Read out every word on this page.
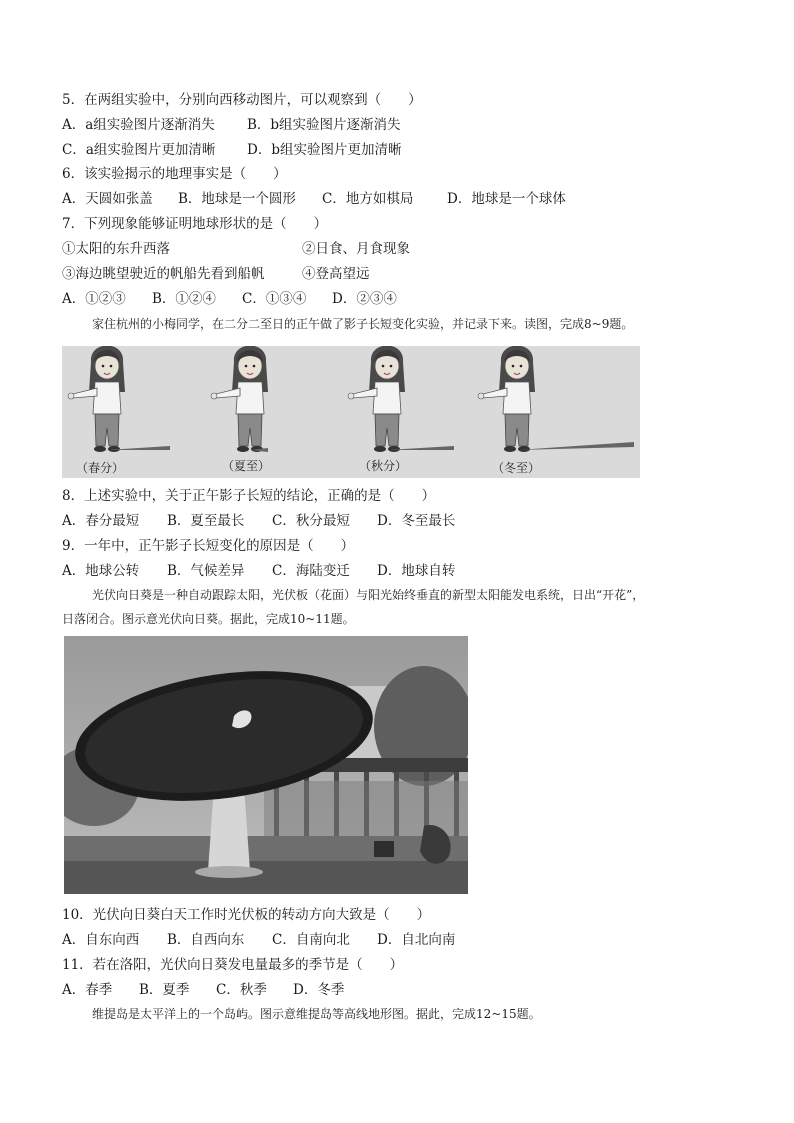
5．在两组实验中，分别向西移动图片，可以观察到（　　）
A．a组实验图片逐渐消失 B．b组实验图片逐渐消失
C．a组实验图片更加清晰 D．b组实验图片更加清晰
6．该实验揭示的地理事实是（　　）
A．天圆如张盖 B．地球是一个圆形 C．地方如棋局 D．地球是一个球体
7．下列现象能够证明地球形状的是（　　）
①太阳的东升西落	②日食、月食现象
③海边眺望驶近的帆船先看到船帆	④登高望远
A．①②③ B．①②④ C．①③④ D．②③④
家住杭州的小梅同学，在二分二至日的正午做了影子长短变化实验，并记录下来。读图，完成8~9题。
（春分）	（夏至）	（秋分）	（冬至）
8．上述实验中，关于正午影子长短的结论，正确的是（　　）
A．春分最短 B．夏至最长 C．秋分最短 D．冬至最长
9．一年中，正午影子长短变化的原因是（　　）
A．地球公转 B．气候差异 C．海陆变迁 D．地球自转
光伏向日葵是一种自动跟踪太阳，光伏板（花面）与阳光始终垂直的新型太阳能发电系统，日出“开花”，
日落闭合。图示意光伏向日葵。据此，完成10~11题。
10．光伏向日葵白天工作时光伏板的转动方向大致是（　　）
A．自东向西 B．自西向东 C．自南向北 D．自北向南
11．若在洛阳，光伏向日葵发电量最多的季节是（　　）
A．春季 B．夏季 C．秋季 D．冬季
维提岛是太平洋上的一个岛屿。图示意维提岛等高线地形图。据此，完成12~15题。
